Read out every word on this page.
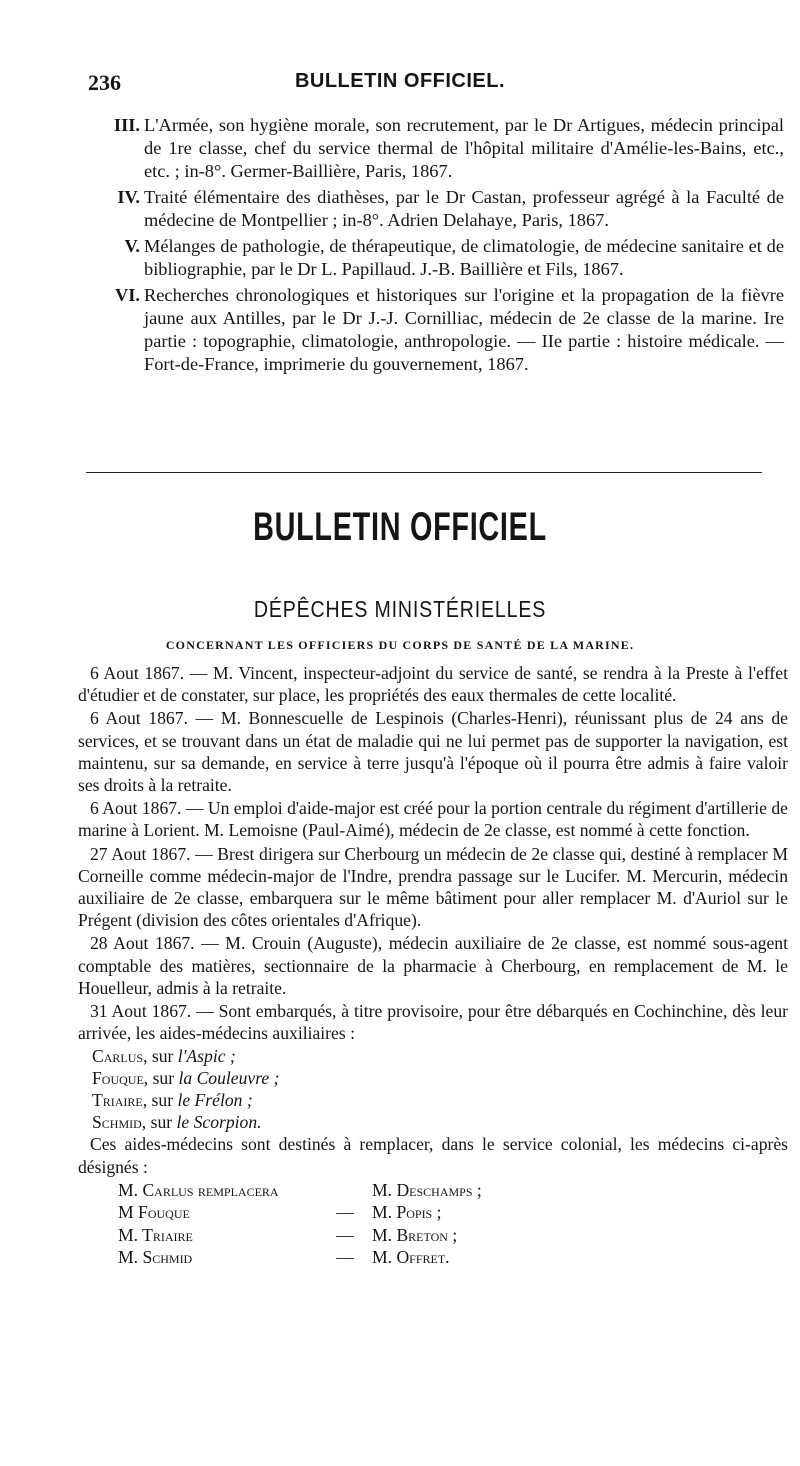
236	BULLETIN OFFICIEL.
III. L'Armée, son hygiène morale, son recrutement, par le Dr Artigues, médecin principal de 1re classe, chef du service thermal de l'hôpital militaire d'Amélie-les-Bains, etc., etc. ; in-8°. Germer-Baillière, Paris, 1867.
IV. Traité élémentaire des diathèses, par le Dr Castan, professeur agrégé à la Faculté de médecine de Montpellier ; in-8°. Adrien Delahaye, Paris, 1867.
V. Mélanges de pathologie, de thérapeutique, de climatologie, de médecine sanitaire et de bibliographie, par le Dr L. Papillaud. J.-B. Baillière et Fils, 1867.
VI. Recherches chronologiques et historiques sur l'origine et la propagation de la fièvre jaune aux Antilles, par le Dr J.-J. Cornilliac, médecin de 2e classe de la marine. Ire partie : topographie, climatologie, anthropologie. — IIe partie : histoire médicale. — Fort-de-France, imprimerie du gouvernement, 1867.
BULLETIN OFFICIEL
DÉPÊCHES MINISTÉRIELLES
CONCERNANT LES OFFICIERS DU CORPS DE SANTÉ DE LA MARINE.

6 Aout 1867. — M. Vincent, inspecteur-adjoint du service de santé, se rendra à la Preste à l'effet d'étudier et de constater, sur place, les propriétés des eaux thermales de cette localité.

6 Aout 1867. — M. Bonnescuelle de Lespinois (Charles-Henri), réunissant plus de 24 ans de services, et se trouvant dans un état de maladie qui ne lui permet pas de supporter la navigation, est maintenu, sur sa demande, en service à terre jusqu'à l'époque où il pourra être admis à faire valoir ses droits à la retraite.

6 Aout 1867. — Un emploi d'aide-major est créé pour la portion centrale du régiment d'artillerie de marine à Lorient. M. Lemoisne (Paul-Aimé), médecin de 2e classe, est nommé à cette fonction.

27 Aout 1867. — Brest dirigera sur Cherbourg un médecin de 2e classe qui, destiné à remplacer M Corneille comme médecin-major de l'Indre, prendra passage sur le Lucifer. M. Mercurin, médecin auxiliaire de 2e classe, embarquera sur le même bâtiment pour aller remplacer M. d'Auriol sur le Prégent (division des côtes orientales d'Afrique).

28 Aout 1867. — M. Crouin (Auguste), médecin auxiliaire de 2e classe, est nommé sous-agent comptable des matières, sectionnaire de la pharmacie à Cherbourg, en remplacement de M. le Houelleur, admis à la retraite.

31 Aout 1867. — Sont embarqués, à titre provisoire, pour être débarqués en Cochinchine, dès leur arrivée, les aides-médecins auxiliaires :

Carlus, sur l'Aspic ;
Fouque, sur la Couleuvre ;
Triaire, sur le Frélon ;
Schmid, sur le Scorpion.

Ces aides-médecins sont destinés à remplacer, dans le service colonial, les médecins ci-après désignés :

M. Carlus remplacera	M. Deschamps ;
M Fouque	—	M. Popis ;
M. Triaire	—	M. Breton ;
M. Schmid	—	M. Offret.
